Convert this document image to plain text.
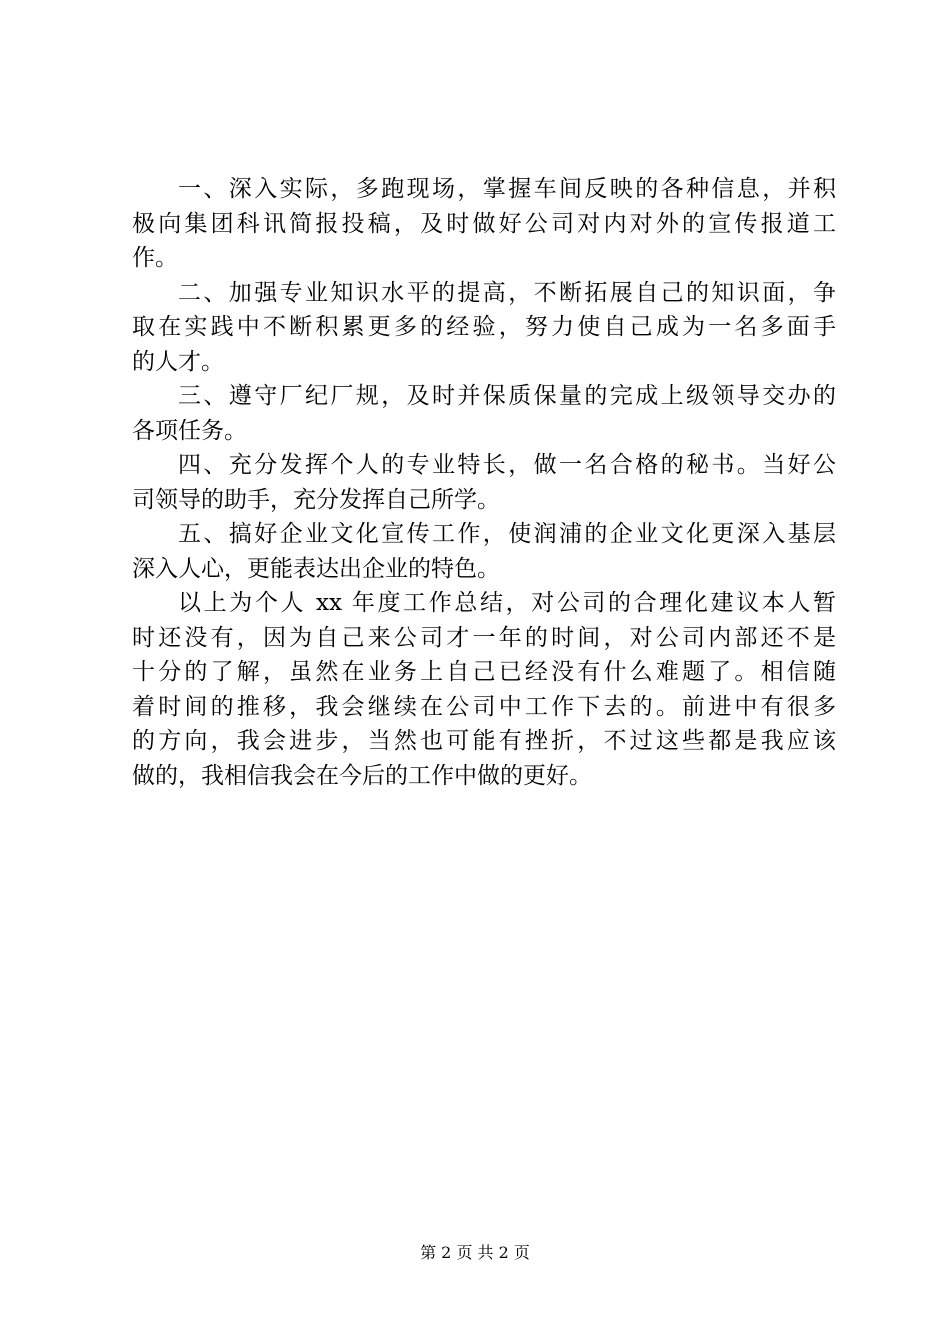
一、深入实际，多跑现场，掌握车间反映的各种信息，并积
极向集团科讯简报投稿，及时做好公司对内对外的宣传报道工
作。
二、加强专业知识水平的提高，不断拓展自己的知识面，争
取在实践中不断积累更多的经验，努力使自己成为一名多面手
的人才。
三、遵守厂纪厂规，及时并保质保量的完成上级领导交办的
各项任务。
四、充分发挥个人的专业特长，做一名合格的秘书。当好公
司领导的助手，充分发挥自己所学。
五、搞好企业文化宣传工作，使润浦的企业文化更深入基层
深入人心，更能表达出企业的特色。
以上为个人 xx 年度工作总结，对公司的合理化建议本人暂
时还没有，因为自己来公司才一年的时间，对公司内部还不是
十分的了解，虽然在业务上自己已经没有什么难题了。相信随
着时间的推移，我会继续在公司中工作下去的。前进中有很多
的方向，我会进步，当然也可能有挫折，不过这些都是我应该
做的，我相信我会在今后的工作中做的更好。
第 2 页 共 2 页
